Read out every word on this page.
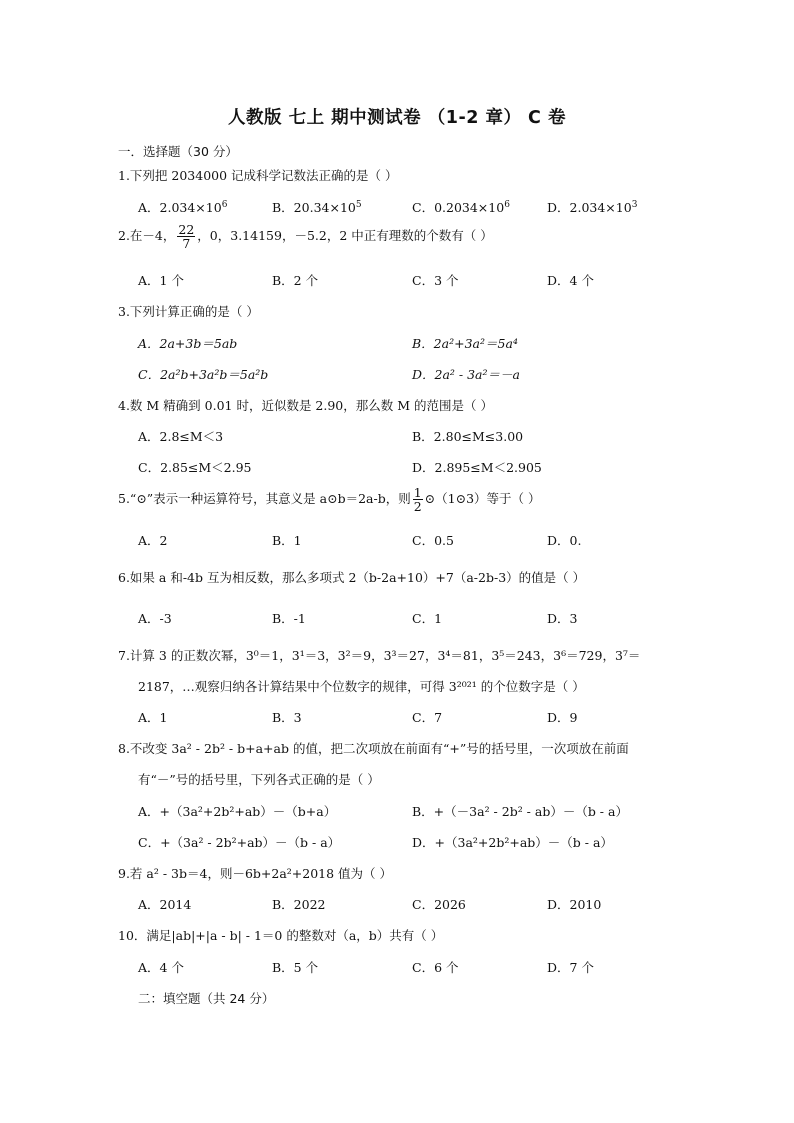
人教版 七上 期中测试卷 （1-2 章） C 卷
一．选择题（30 分）
1.下列把 2034000 记成科学记数法正确的是（ ）
A．$2.034\times 10^6$	B．$20.34\times 10^5$	C．$0.2034\times 10^6$	D．$2.034\times 10^3$
2.在－4， $\frac{22}{7}$ ，0，3.14159，－5.2，2 中正有理数的个数有（ ）
A．1 个	B．2 个	C．3 个	D．4 个
3.下列计算正确的是（ ）
A．2a+3b＝5ab	B．2a²+3a²＝5a⁴
C．2a²b+3a²b＝5a²b	D．2a² - 3a²＝－a
4.数 M 精确到 0.01 时，近似数是 2.90，那么数 M 的范围是（ ）
A．2.8≤M＜3	B．2.80≤M≤3.00
C．2.85≤M＜2.95	D．2.895≤M＜2.905
5.“⊙”表示一种运算符号，其意义是 a⊙b＝2a-b，则 $\frac{1}{2}$ ⊙（1⊙3）等于（ ）
A．2	B．1	C．0.5	D．0.
6.如果 a 和-4b 互为相反数，那么多项式 2（b-2a+10）+7（a-2b-3）的值是（ ）
A．-3	B．-1	C．1	D．3
7.计算 3 的正数次幂，3⁰＝1，3¹＝3，3²＝9，3³＝27，3⁴＝81，3⁵＝243，3⁶＝729，3⁷＝
2187，…观察归纳各计算结果中个位数字的规律，可得 3²⁰²¹ 的个位数字是（ ）
A．1	B．3	C．7	D．9
8.不改变 3a² - 2b² - b+a+ab 的值，把二次项放在前面有“+”号的括号里，一次项放在前面
有“－”号的括号里，下列各式正确的是（ ）
A．+（3a²+2b²+ab）－（b+a）	B．+（－3a² - 2b² - ab）－（b - a）
C．+（3a² - 2b²+ab）－（b - a）	D．+（3a²+2b²+ab）－（b - a）
9.若 a² - 3b＝4，则－6b+2a²+2018 值为（ ）
A．2014	B．2022	C．2026	D．2010
10．满足|ab|+|a - b| - 1＝0 的整数对（a，b）共有（ ）
A．4 个	B．5 个	C．6 个	D．7 个
二：填空题（共 24 分）
